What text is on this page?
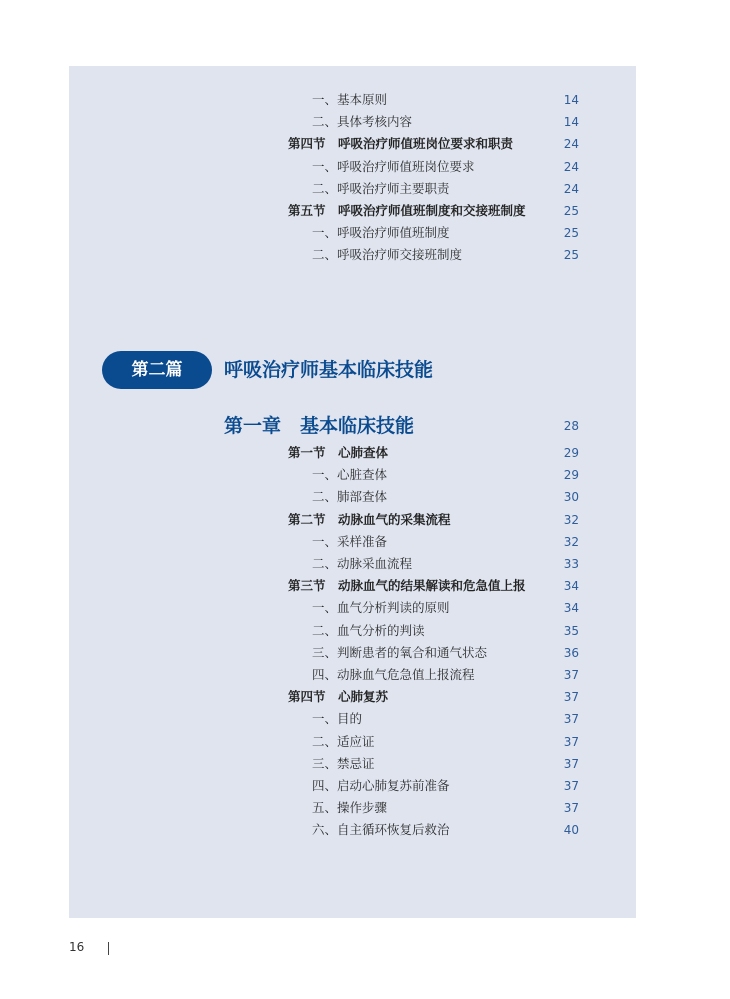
一、基本原则	14
二、具体考核内容	14
第四节　呼吸治疗师值班岗位要求和职责	24
一、呼吸治疗师值班岗位要求	24
二、呼吸治疗师主要职责	24
第五节　呼吸治疗师值班制度和交接班制度	25
一、呼吸治疗师值班制度	25
二、呼吸治疗师交接班制度	25
第二篇	呼吸治疗师基本临床技能
第一章　基本临床技能	28
第一节　心肺查体	29
一、心脏查体	29
二、肺部查体	30
第二节　动脉血气的采集流程	32
一、采样准备	32
二、动脉采血流程	33
第三节　动脉血气的结果解读和危急值上报	34
一、血气分析判读的原则	34
二、血气分析的判读	35
三、判断患者的氧合和通气状态	36
四、动脉血气危急值上报流程	37
第四节　心肺复苏	37
一、目的	37
二、适应证	37
三、禁忌证	37
四、启动心肺复苏前准备	37
五、操作步骤	37
六、自主循环恢复后救治	40
16
